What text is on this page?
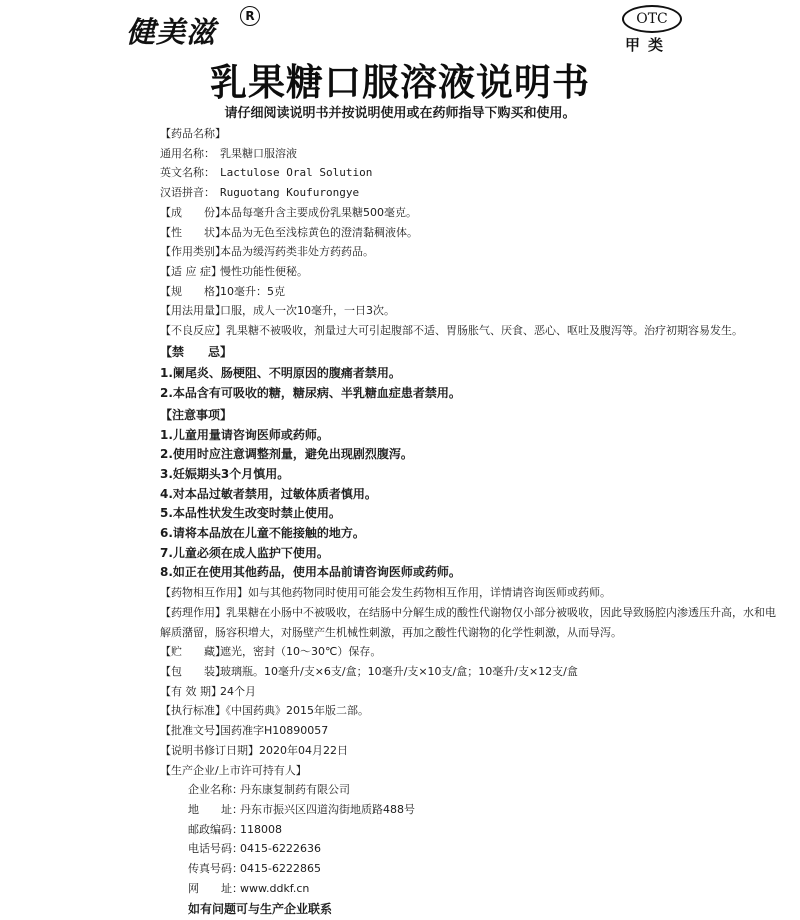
健美滋	R	OTC
甲类
乳果糖口服溶液说明书
请仔细阅读说明书并按说明使用或在药师指导下购买和使用。
【药品名称】
通用名称： 乳果糖口服溶液
英文名称： Lactulose Oral Solution
汉语拼音： Ruguotang Koufurongye
【成　　份】本品每毫升含主要成份乳果糖500毫克。
【性　　状】本品为无色至浅棕黄色的澄清黏稠液体。
【作用类别】本品为缓泻药类非处方药药品。
【适 应 症】慢性功能性便秘。
【规　　格】10毫升：5克
【用法用量】口服，成人一次10毫升，一日3次。
【不良反应】乳果糖不被吸收，剂量过大可引起腹部不适、胃肠胀气、厌食、恶心、呕吐及腹泻等。治疗初期容易发生。
【禁　　忌】
1.阑尾炎、肠梗阻、不明原因的腹痛者禁用。
2.本品含有可吸收的糖，糖尿病、半乳糖血症患者禁用。
【注意事项】
1.儿童用量请咨询医师或药师。
2.使用时应注意调整剂量，避免出现剧烈腹泻。
3.妊娠期头3个月慎用。
4.对本品过敏者禁用，过敏体质者慎用。
5.本品性状发生改变时禁止使用。
6.请将本品放在儿童不能接触的地方。
7.儿童必须在成人监护下使用。
8.如正在使用其他药品，使用本品前请咨询医师或药师。
【药物相互作用】如与其他药物同时使用可能会发生药物相互作用，详情请咨询医师或药师。
【药理作用】乳果糖在小肠中不被吸收，在结肠中分解生成的酸性代谢物仅小部分被吸收，因此导致肠腔内渗透压升高，水和电解质潴留，肠容积增大，对肠壁产生机械性刺激，再加之酸性代谢物的化学性刺激，从而导泻。
【贮　　藏】遮光，密封（10～30℃）保存。
【包　　装】玻璃瓶。10毫升/支×6支/盒；10毫升/支×10支/盒；10毫升/支×12支/盒
【有 效 期】24个月
【执行标准】《中国药典》2015年版二部。
【批准文号】国药准字H10890057
【说明书修订日期】2020年04月22日
【生产企业/上市许可持有人】
企业名称：丹东康复制药有限公司
地　　址：丹东市振兴区四道沟街地质路488号
邮政编码：118008
电话号码：0415-6222636
传真号码：0415-6222865
网　　址：www.ddkf.cn
如有问题可与生产企业联系
